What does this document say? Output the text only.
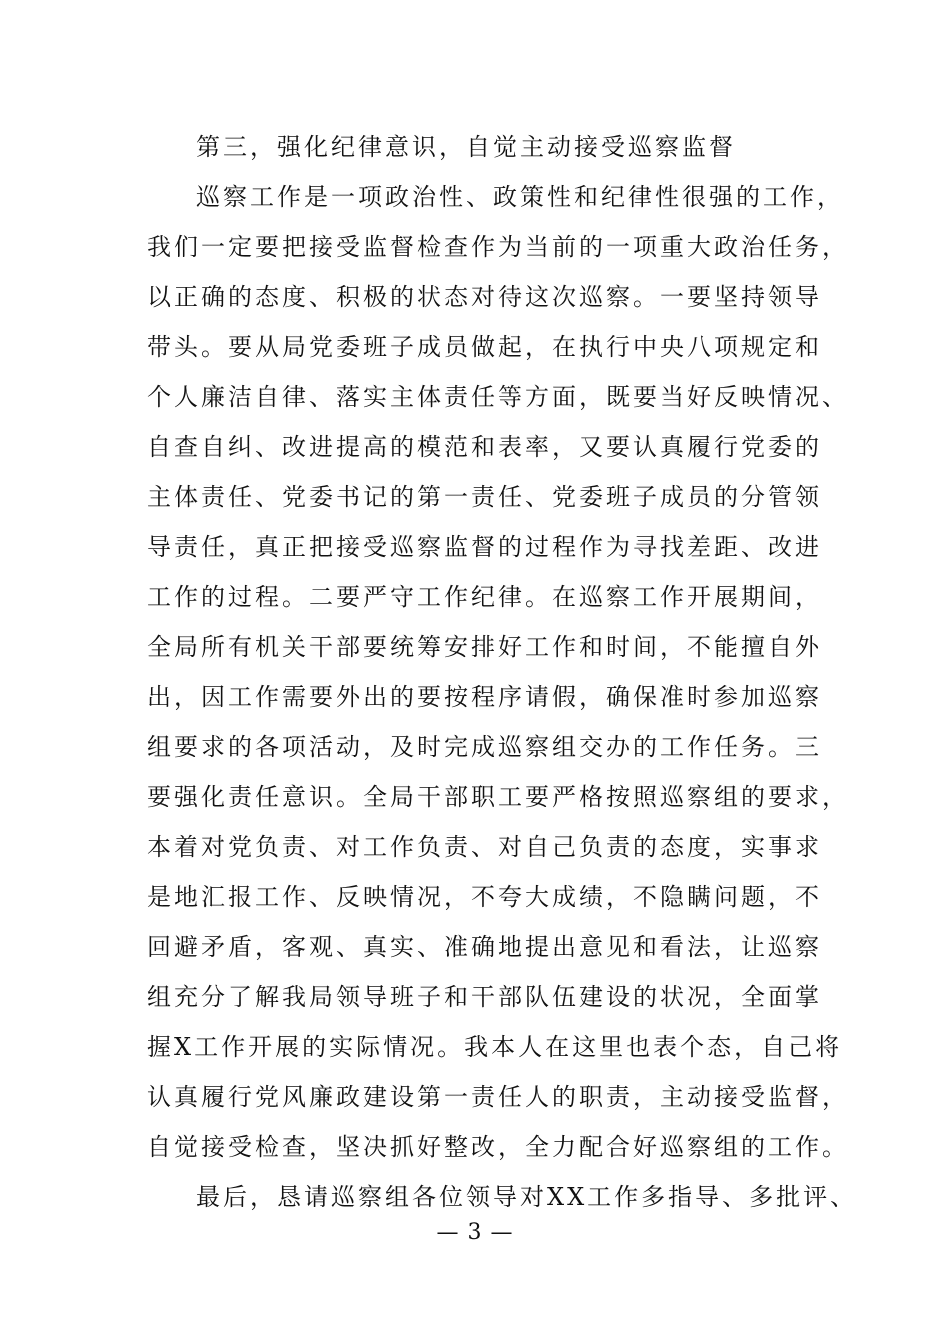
第三，强化纪律意识，自觉主动接受巡察监督
巡察工作是一项政治性、政策性和纪律性很强的工作，
我们一定要把接受监督检查作为当前的一项重大政治任务，
以正确的态度、积极的状态对待这次巡察。一要坚持领导
带头。要从局党委班子成员做起，在执行中央八项规定和
个人廉洁自律、落实主体责任等方面，既要当好反映情况、
自查自纠、改进提高的模范和表率，又要认真履行党委的
主体责任、党委书记的第一责任、党委班子成员的分管领
导责任，真正把接受巡察监督的过程作为寻找差距、改进
工作的过程。二要严守工作纪律。在巡察工作开展期间，
全局所有机关干部要统筹安排好工作和时间，不能擅自外
出，因工作需要外出的要按程序请假，确保准时参加巡察
组要求的各项活动，及时完成巡察组交办的工作任务。三
要强化责任意识。全局干部职工要严格按照巡察组的要求，
本着对党负责、对工作负责、对自己负责的态度，实事求
是地汇报工作、反映情况，不夸大成绩，不隐瞒问题，不
回避矛盾，客观、真实、准确地提出意见和看法，让巡察
组充分了解我局领导班子和干部队伍建设的状况，全面掌
握X工作开展的实际情况。我本人在这里也表个态，自己将
认真履行党风廉政建设第一责任人的职责，主动接受监督，
自觉接受检查，坚决抓好整改，全力配合好巡察组的工作。
最后，恳请巡察组各位领导对XX工作多指导、多批评、
— 3 —
